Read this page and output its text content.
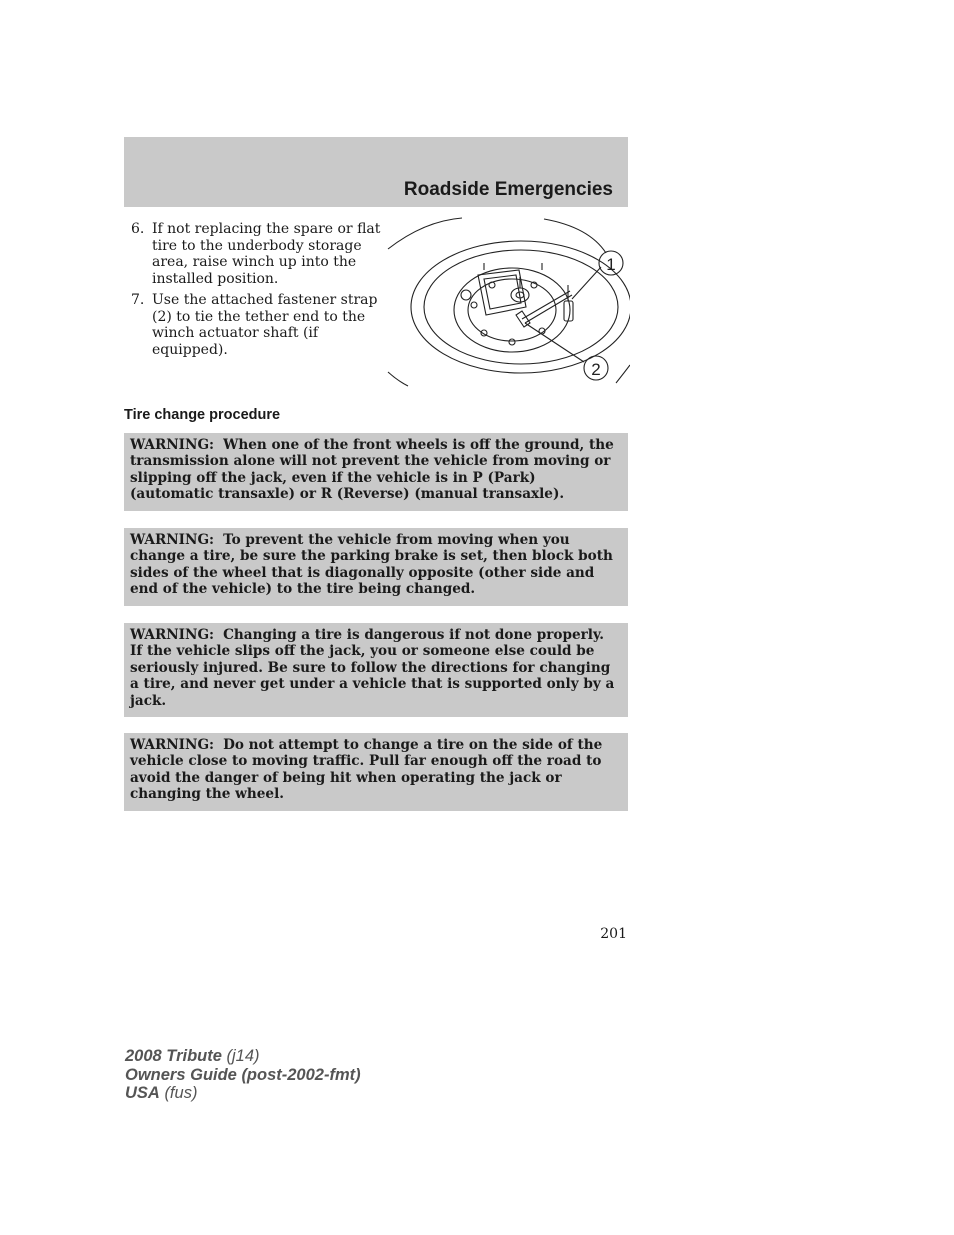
Roadside Emergencies
6. If not replacing the spare or flat tire to the underbody storage area, raise winch up into the installed position.
7. Use the attached fastener strap (2) to tie the tether end to the winch actuator shaft (if equipped).
1
2
Tire change procedure
WARNING: When one of the front wheels is off the ground, the transmission alone will not prevent the vehicle from moving or slipping off the jack, even if the vehicle is in P (Park) (automatic transaxle) or R (Reverse) (manual transaxle).
WARNING: To prevent the vehicle from moving when you change a tire, be sure the parking brake is set, then block both sides of the wheel that is diagonally opposite (other side and end of the vehicle) to the tire being changed.
WARNING: Changing a tire is dangerous if not done properly. If the vehicle slips off the jack, you or someone else could be seriously injured. Be sure to follow the directions for changing a tire, and never get under a vehicle that is supported only by a jack.
WARNING: Do not attempt to change a tire on the side of the vehicle close to moving traffic. Pull far enough off the road to avoid the danger of being hit when operating the jack or changing the wheel.
201
2008 Tribute (j14)
Owners Guide (post-2002-fmt)
USA (fus)
